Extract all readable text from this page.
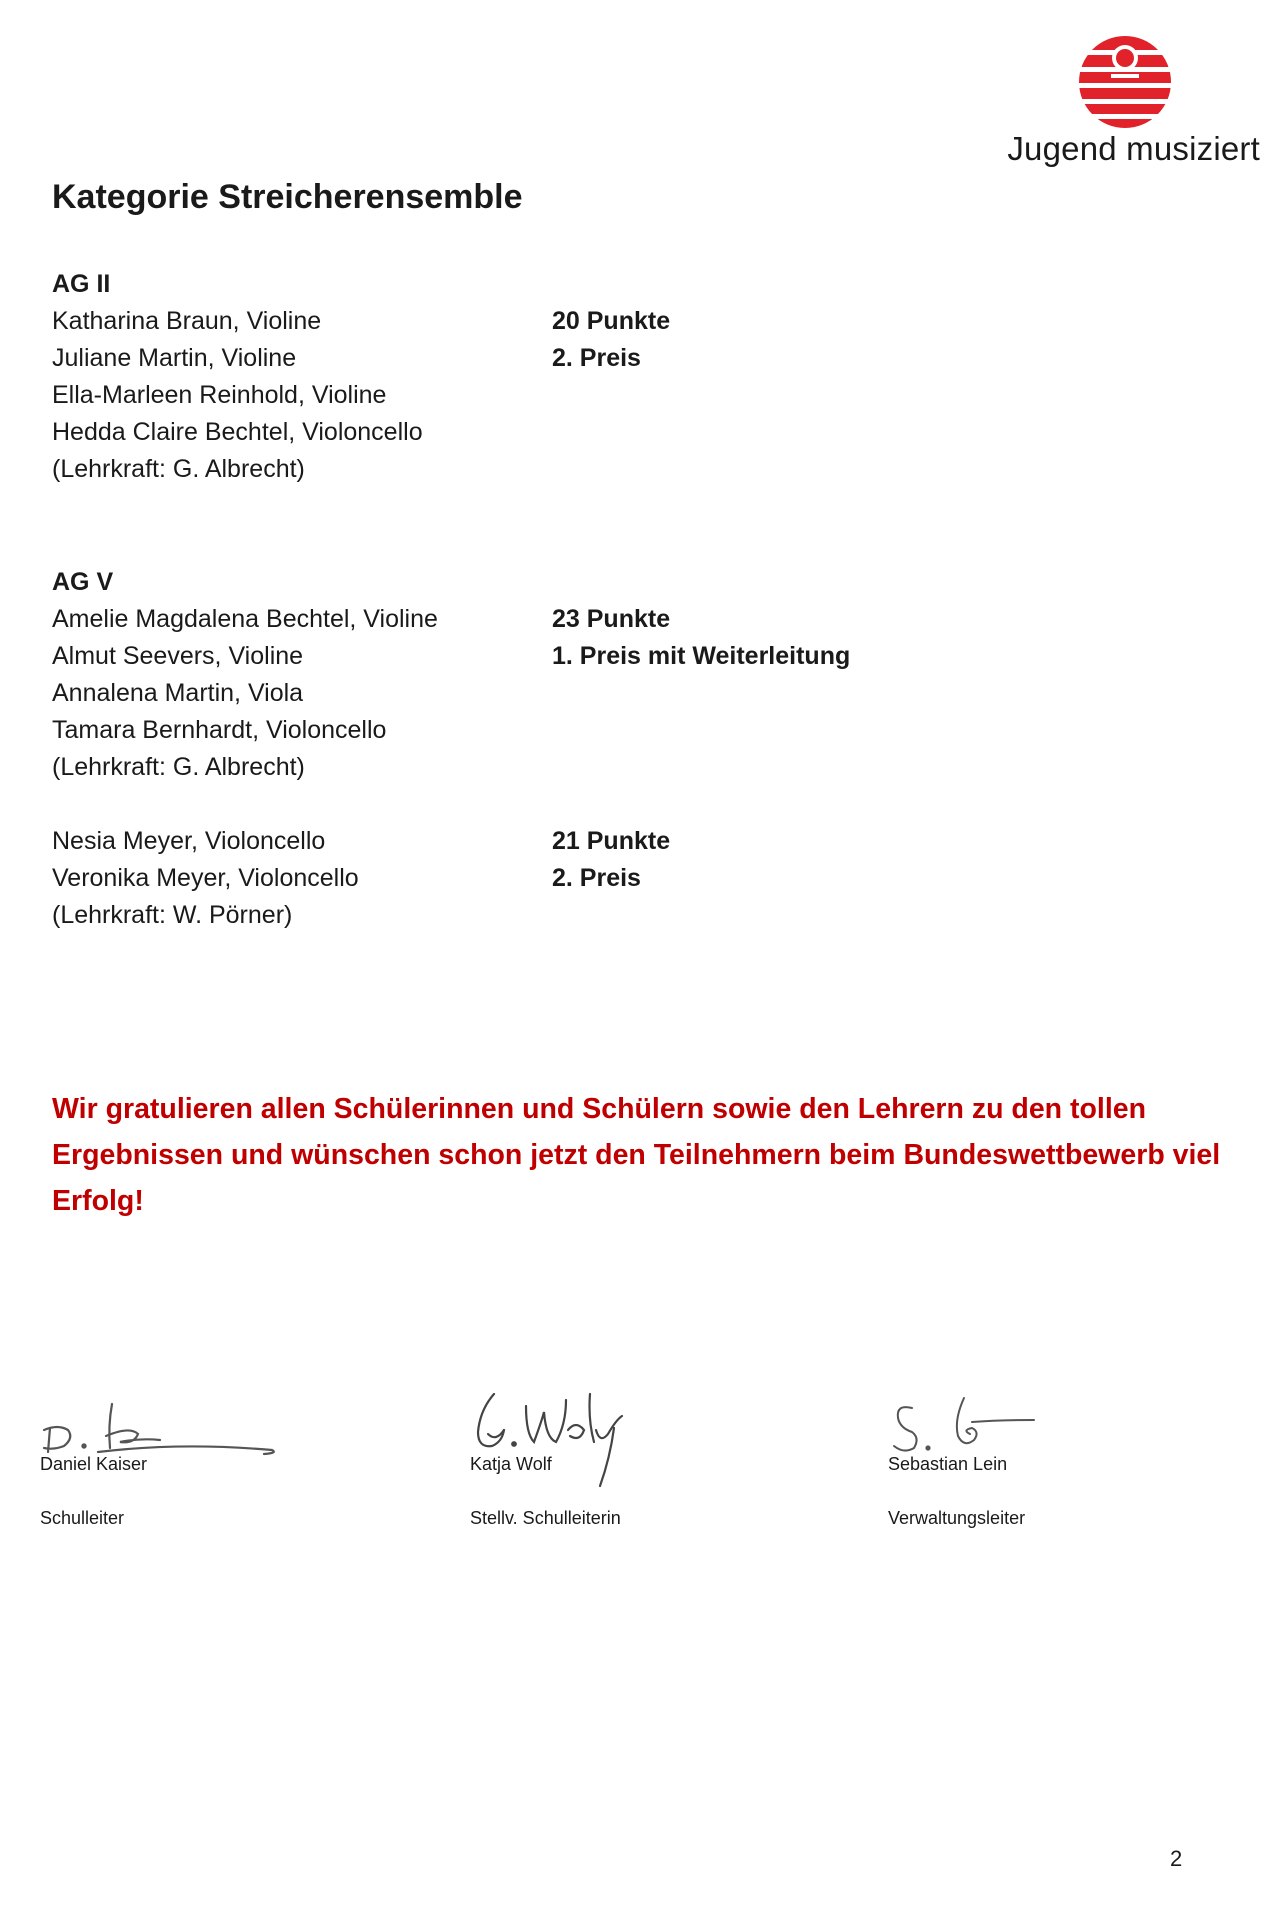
Jugend musiziert
Kategorie Streicherensemble
AG II
Katharina Braun, Violine
Juliane Martin, Violine
Ella-Marleen Reinhold, Violine
Hedda Claire Bechtel, Violoncello
(Lehrkraft: G. Albrecht)
20 Punkte
2. Preis
AG V
Amelie Magdalena Bechtel, Violine
Almut Seevers, Violine
Annalena Martin, Viola
Tamara Bernhardt, Violoncello
(Lehrkraft: G. Albrecht)
23 Punkte
1. Preis mit Weiterleitung
Nesia Meyer, Violoncello
Veronika Meyer, Violoncello
(Lehrkraft: W. Pörner)
21 Punkte
2. Preis

Wir gratulieren allen Schülerinnen und Schülern sowie den Lehrern zu den tollen Ergebnissen und wünschen schon jetzt den Teilnehmern beim Bundeswettbewerb viel Erfolg!

Daniel Kaiser
Schulleiter
Katja Wolf
Stellv. Schulleiterin
Sebastian Lein
Verwaltungsleiter
2
